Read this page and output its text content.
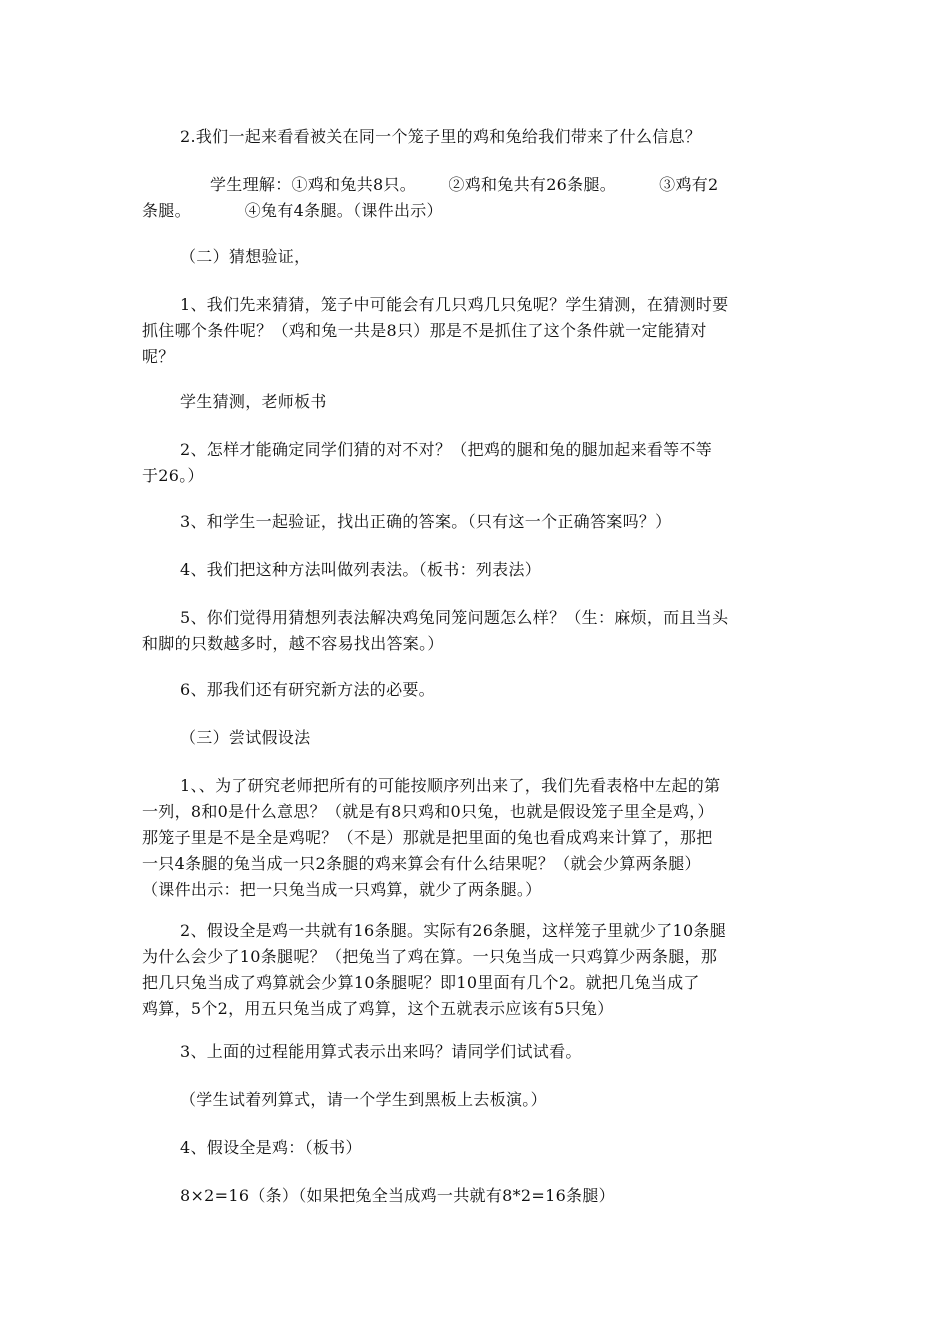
2.我们一起来看看被关在同一个笼子里的鸡和兔给我们带来了什么信息？

学生理解：①鸡和兔共8只。      ②鸡和兔共有26条腿。        ③鸡有2
条腿。          ④兔有4条腿。（课件出示）

（二）猜想验证，

1、我们先来猜猜，笼子中可能会有几只鸡几只兔呢？学生猜测，在猜测时要
抓住哪个条件呢？（鸡和兔一共是8只）那是不是抓住了这个条件就一定能猜对
呢？

学生猜测，老师板书

2、怎样才能确定同学们猜的对不对？（把鸡的腿和兔的腿加起来看等不等
于26。）

3、和学生一起验证，找出正确的答案。（只有这一个正确答案吗？）

4、我们把这种方法叫做列表法。（板书：列表法）

5、你们觉得用猜想列表法解决鸡兔同笼问题怎么样？（生：麻烦，而且当头
和脚的只数越多时，越不容易找出答案。）

6、那我们还有研究新方法的必要。

（三）尝试假设法

1、、为了研究老师把所有的可能按顺序列出来了，我们先看表格中左起的第
一列，8和0是什么意思？（就是有8只鸡和0只兔，也就是假设笼子里全是鸡，）
那笼子里是不是全是鸡呢？（不是）那就是把里面的兔也看成鸡来计算了，那把
一只4条腿的兔当成一只2条腿的鸡来算会有什么结果呢？（就会少算两条腿）
（课件出示：把一只兔当成一只鸡算，就少了两条腿。）

2、假设全是鸡一共就有16条腿。实际有26条腿，这样笼子里就少了10条腿
为什么会少了10条腿呢？（把兔当了鸡在算。一只兔当成一只鸡算少两条腿，那
把几只兔当成了鸡算就会少算10条腿呢？即10里面有几个2。就把几兔当成了
鸡算，5个2，用五只兔当成了鸡算，这个五就表示应该有5只兔）

3、上面的过程能用算式表示出来吗？请同学们试试看。

（学生试着列算式，请一个学生到黑板上去板演。）

4、假设全是鸡：（板书）

8×2=16（条）（如果把兔全当成鸡一共就有8*2=16条腿）
